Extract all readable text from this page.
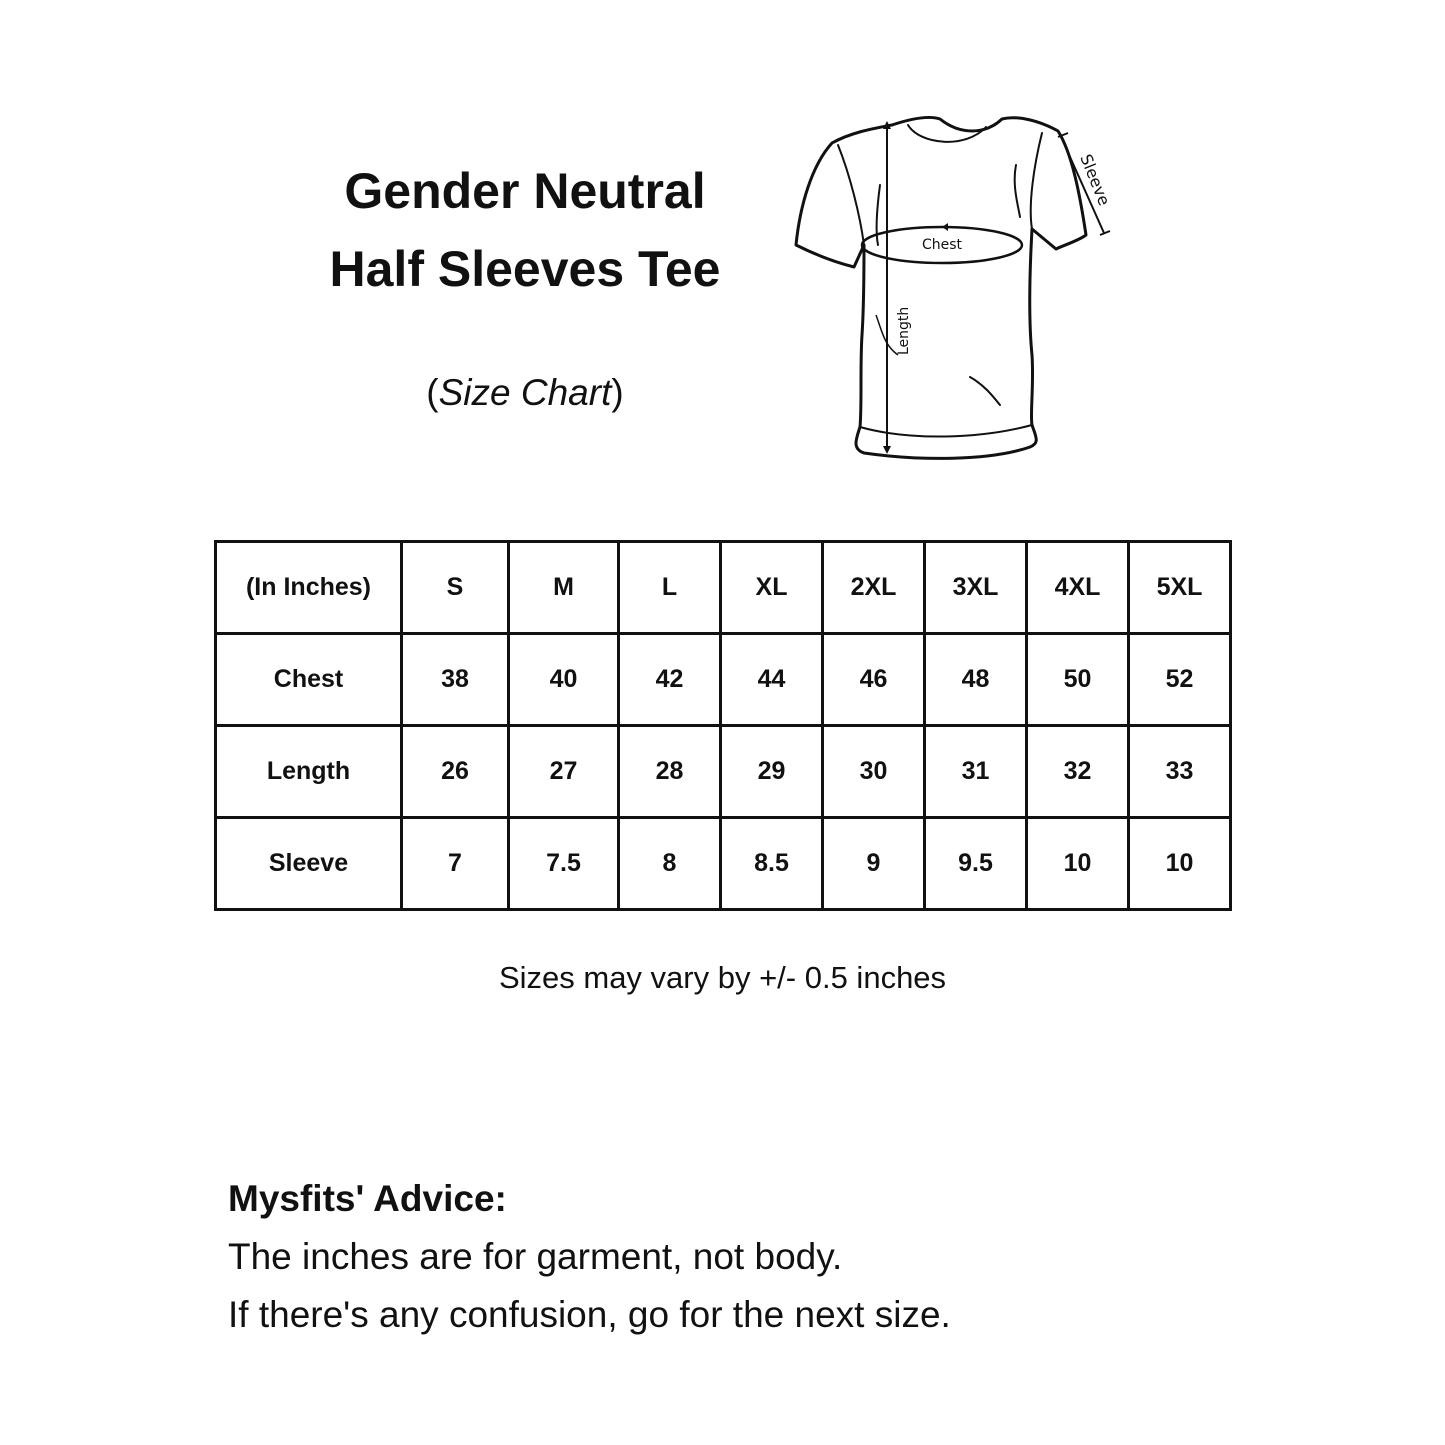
Gender Neutral
Half Sleeves Tee
(Size Chart)
Chest
Length
Sleeve
(In Inches)	S	M	L	XL	2XL	3XL	4XL	5XL
Chest	38	40	42	44	46	48	50	52
Length	26	27	28	29	30	31	32	33
Sleeve	7	7.5	8	8.5	9	9.5	10	10
Sizes may vary by +/- 0.5 inches
Mysfits' Advice:
The inches are for garment, not body.
If there's any confusion, go for the next size.
